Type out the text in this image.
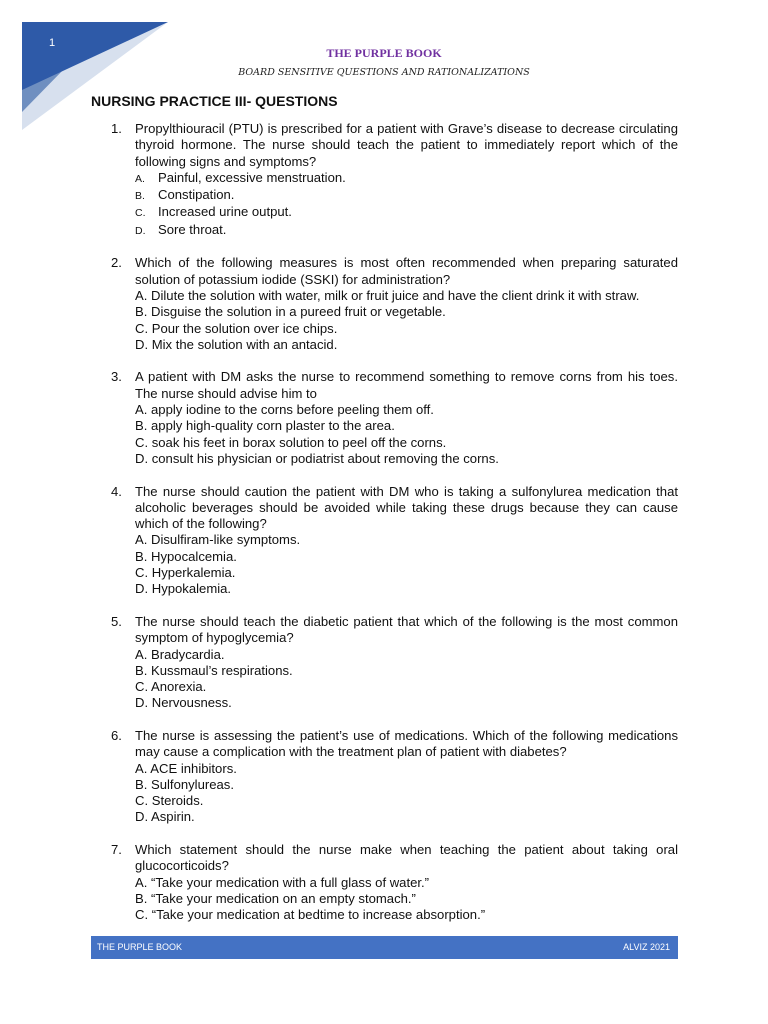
1
THE PURPLE BOOK
BOARD SENSITIVE QUESTIONS AND RATIONALIZATIONS
NURSING PRACTICE III- QUESTIONS
1. Propylthiouracil (PTU) is prescribed for a patient with Grave’s disease to decrease circulating thyroid hormone. The nurse should teach the patient to immediately report which of the following signs and symptoms?
A. Painful, excessive menstruation.
B. Constipation.
C. Increased urine output.
D. Sore throat.
2. Which of the following measures is most often recommended when preparing saturated solution of potassium iodide (SSKI) for administration?
A. Dilute the solution with water, milk or fruit juice and have the client drink it with straw.
B. Disguise the solution in a pureed fruit or vegetable.
C. Pour the solution over ice chips.
D. Mix the solution with an antacid.
3. A patient with DM asks the nurse to recommend something to remove corns from his toes. The nurse should advise him to
A. apply iodine to the corns before peeling them off.
B. apply high-quality corn plaster to the area.
C. soak his feet in borax solution to peel off the corns.
D. consult his physician or podiatrist about removing the corns.
4. The nurse should caution the patient with DM who is taking a sulfonylurea medication that alcoholic beverages should be avoided while taking these drugs because they can cause which of the following?
A. Disulfiram-like symptoms.
B. Hypocalcemia.
C. Hyperkalemia.
D. Hypokalemia.
5. The nurse should teach the diabetic patient that which of the following is the most common symptom of hypoglycemia?
A. Bradycardia.
B. Kussmaul’s respirations.
C. Anorexia.
D. Nervousness.
6. The nurse is assessing the patient’s use of medications. Which of the following medications may cause a complication with the treatment plan of patient with diabetes?
A. ACE inhibitors.
B. Sulfonylureas.
C. Steroids.
D. Aspirin.
7. Which statement should the nurse make when teaching the patient about taking oral glucocorticoids?
A. “Take your medication with a full glass of water.”
B. “Take your medication on an empty stomach.”
C. “Take your medication at bedtime to increase absorption.”
THE PURPLE BOOK	ALVIZ 2021
